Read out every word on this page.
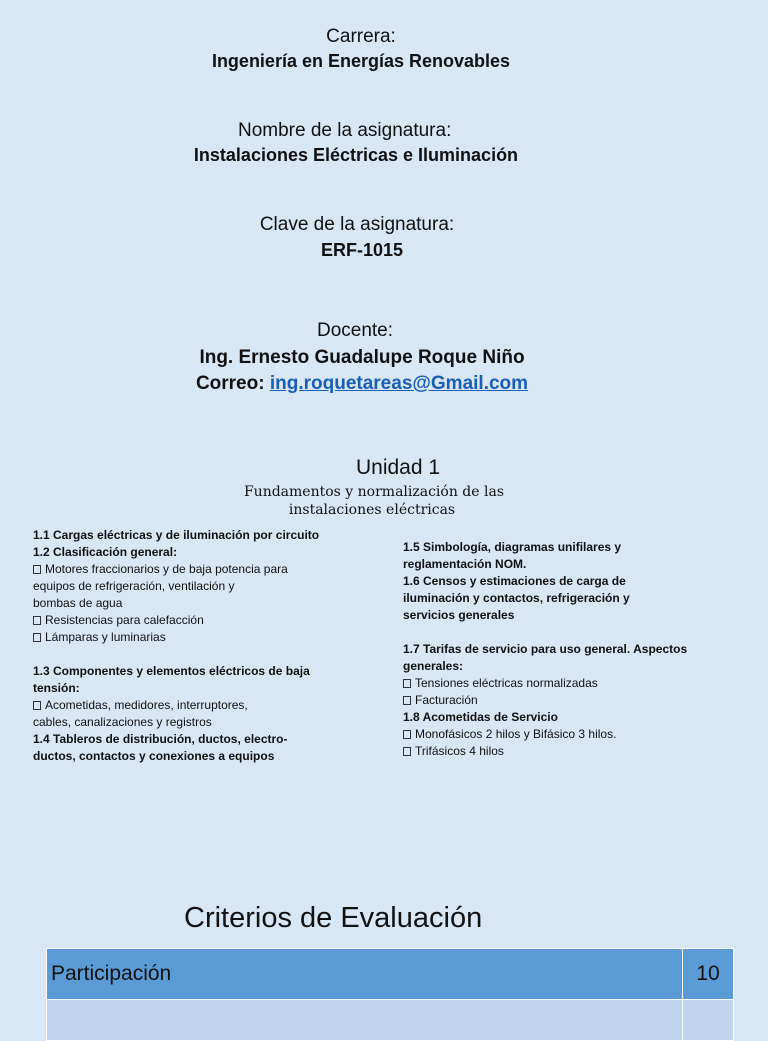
Carrera:
Ingeniería en Energías Renovables
Nombre de la asignatura:
Instalaciones Eléctricas e Iluminación
Clave de la asignatura:
ERF-1015
Docente:
Ing. Ernesto Guadalupe Roque Niño
Correo: ing.roquetareas@Gmail.com
Unidad 1
Fundamentos y normalización de las
instalaciones eléctricas
1.1 Cargas eléctricas y de iluminación por circuito
1.2 Clasificación general:
Motores fraccionarios y de baja potencia para
equipos de refrigeración, ventilación y
bombas de agua
Resistencias para calefacción
Lámparas y luminarias
1.3 Componentes y elementos eléctricos de baja
tensión:
Acometidas, medidores, interruptores,
cables, canalizaciones y registros
1.4 Tableros de distribución, ductos, electro-
ductos, contactos y conexiones a equipos
1.5 Simbología, diagramas unifilares y
reglamentación NOM.
1.6 Censos y estimaciones de carga de
iluminación y contactos, refrigeración y
servicios generales
1.7 Tarifas de servicio para uso general. Aspectos
generales:
Tensiones eléctricas normalizadas
Facturación
1.8 Acometidas de Servicio
Monofásicos 2 hilos y Bifásico 3 hilos.
Trifásicos 4 hilos
Criterios de Evaluación
Participación	10
